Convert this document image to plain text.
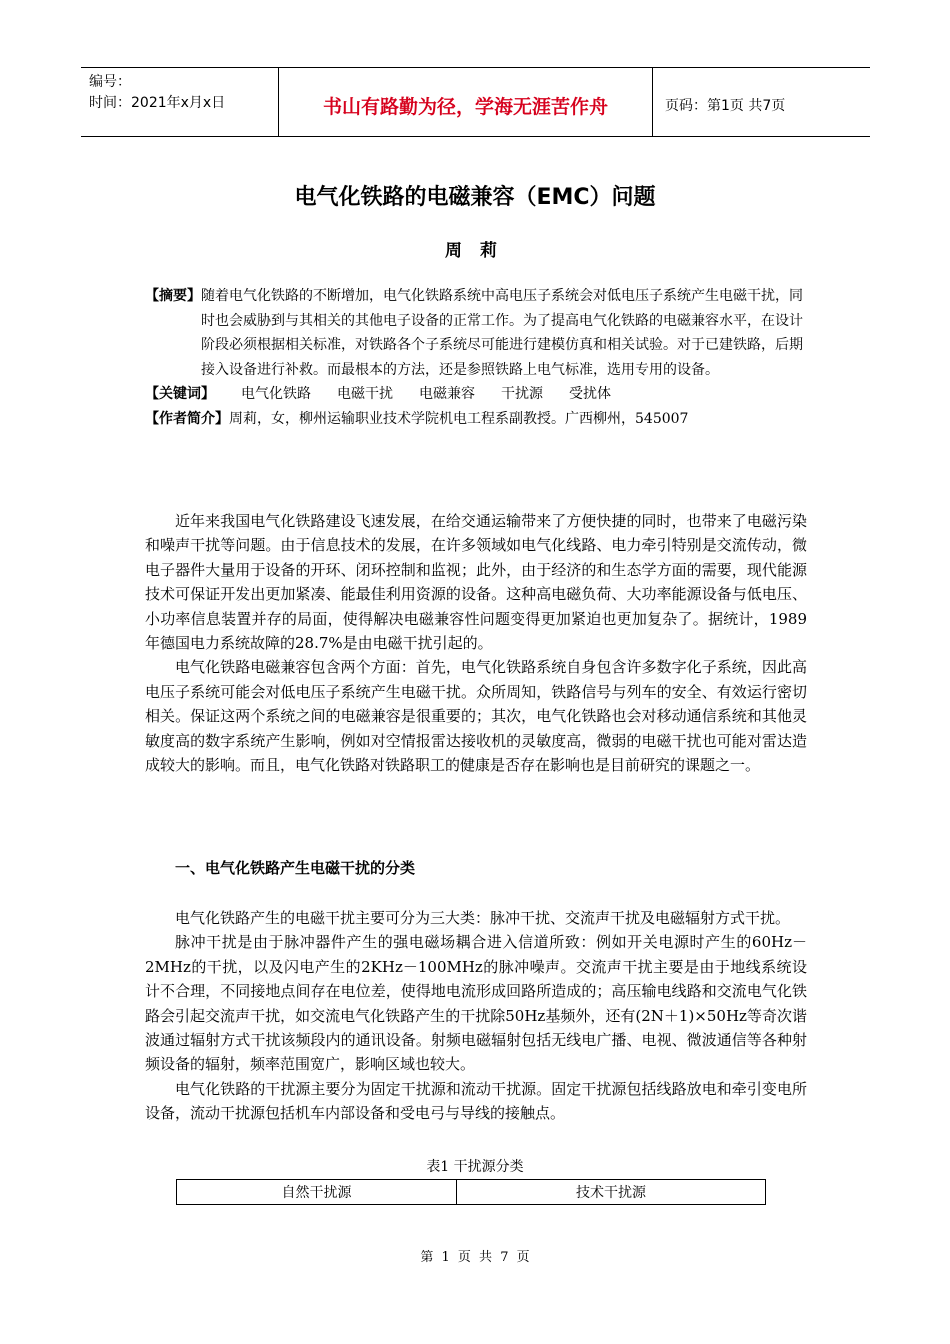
编号：
时间：2021年x月x日	书山有路勤为径，学海无涯苦作舟	页码：第1页 共7页
电气化铁路的电磁兼容（EMC）问题
周莉
【摘要】 随着电气化铁路的不断增加，电气化铁路系统中高电压子系统会对低电压子系统产生电磁干扰，同时也会威胁到与其相关的其他电子设备的正常工作。为了提高电气化铁路的电磁兼容水平，在设计阶段必须根据相关标准，对铁路各个子系统尽可能进行建模仿真和相关试验。对于已建铁路，后期接入设备进行补救。而最根本的方法，还是参照铁路上电气标准，选用专用的设备。
【关键词】 电气化铁路 电磁干扰 电磁兼容 干扰源 受扰体
【作者简介】 周莉，女，柳州运输职业技术学院机电工程系副教授。广西柳州，545007

近年来我国电气化铁路建设飞速发展，在给交通运输带来了方便快捷的同时，也带来了电磁污染和噪声干扰等问题。由于信息技术的发展，在许多领域如电气化线路、电力牵引特别是交流传动，微电子器件大量用于设备的开环、闭环控制和监视；此外，由于经济的和生态学方面的需要，现代能源技术可保证开发出更加紧凑、能最佳利用资源的设备。这种高电磁负荷、大功率能源设备与低电压、小功率信息装置并存的局面，使得解决电磁兼容性问题变得更加紧迫也更加复杂了。据统计，1989年德国电力系统故障的28.7%是由电磁干扰引起的。

电气化铁路电磁兼容包含两个方面：首先，电气化铁路系统自身包含许多数字化子系统，因此高电压子系统可能会对低电压子系统产生电磁干扰。众所周知，铁路信号与列车的安全、有效运行密切相关。保证这两个系统之间的电磁兼容是很重要的；其次，电气化铁路也会对移动通信系统和其他灵敏度高的数字系统产生影响，例如对空情报雷达接收机的灵敏度高，微弱的电磁干扰也可能对雷达造成较大的影响。而且，电气化铁路对铁路职工的健康是否存在影响也是目前研究的课题之一。

一、电气化铁路产生电磁干扰的分类

电气化铁路产生的电磁干扰主要可分为三大类：脉冲干扰、交流声干扰及电磁辐射方式干扰。

脉冲干扰是由于脉冲器件产生的强电磁场耦合进入信道所致：例如开关电源时产生的60Hz－2MHz的干扰，以及闪电产生的2KHz－100MHz的脉冲噪声。交流声干扰主要是由于地线系统设计不合理，不同接地点间存在电位差，使得地电流形成回路所造成的；高压输电线路和交流电气化铁路会引起交流声干扰，如交流电气化铁路产生的干扰除50Hz基频外，还有(2N＋1)×50Hz等奇次谐波通过辐射方式干扰该频段内的通讯设备。射频电磁辐射包括无线电广播、电视、微波通信等各种射频设备的辐射，频率范围宽广，影响区域也较大。

电气化铁路的干扰源主要分为固定干扰源和流动干扰源。固定干扰源包括线路放电和牵引变电所设备，流动干扰源包括机车内部设备和受电弓与导线的接触点。

表1 干扰源分类
自然干扰源	技术干扰源
第 1 页 共 7 页
